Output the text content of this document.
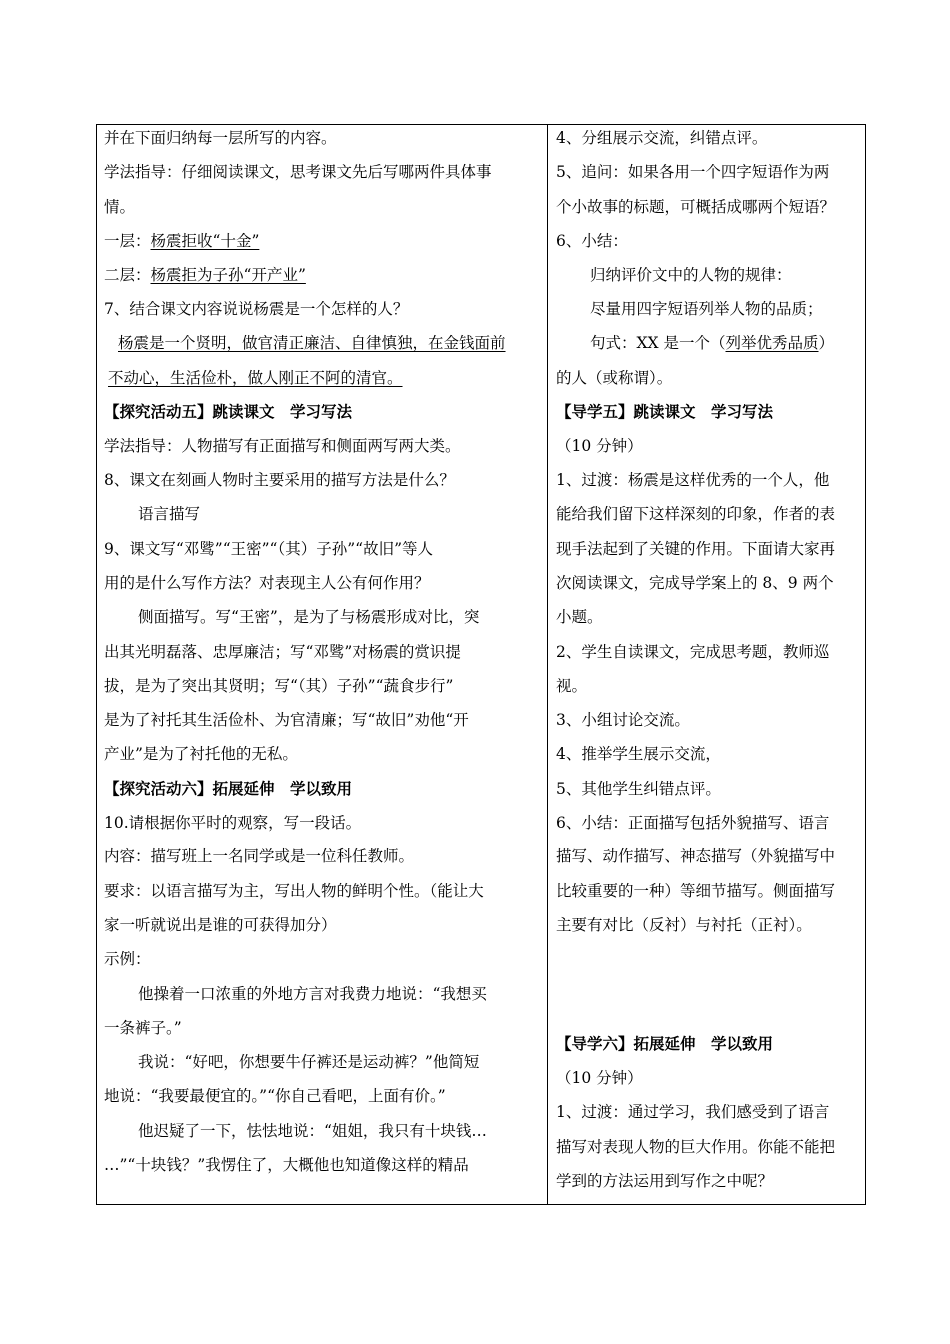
并在下面归纳每一层所写的内容。
学法指导：仔细阅读课文，思考课文先后写哪两件具体事
情。
一层：杨震拒收“十金”
二层：杨震拒为子孙“开产业”
7、结合课文内容说说杨震是一个怎样的人？
杨震是一个贤明，做官清正廉洁、自律慎独，在金钱面前
不动心，生活俭朴，做人刚正不阿的清官。
【探究活动五】跳读课文　学习写法
学法指导：人物描写有正面描写和侧面两写两大类。
8、课文在刻画人物时主要采用的描写方法是什么？
语言描写
9、课文写“邓骘”“王密”“（其）子孙”“故旧”等人
用的是什么写作方法？对表现主人公有何作用？
侧面描写。写“王密”，是为了与杨震形成对比，突
出其光明磊落、忠厚廉洁；写“邓骘”对杨震的赏识提
拔，是为了突出其贤明；写“（其）子孙”“蔬食步行”
是为了衬托其生活俭朴、为官清廉；写“故旧”劝他“开
产业”是为了衬托他的无私。
【探究活动六】拓展延伸　学以致用
10.请根据你平时的观察，写一段话。
内容：描写班上一名同学或是一位科任教师。
要求：以语言描写为主，写出人物的鲜明个性。（能让大
家一听就说出是谁的可获得加分）
示例：
他操着一口浓重的外地方言对我费力地说：“我想买
一条裤子。”
我说：“好吧，你想要牛仔裤还是运动裤？”他简短
地说：“我要最便宜的。”“你自己看吧，上面有价。”
他迟疑了一下，怯怯地说：“姐姐，我只有十块钱…
…”“十块钱？”我愣住了，大概他也知道像这样的精品
4、分组展示交流，纠错点评。
5、追问：如果各用一个四字短语作为两
个小故事的标题，可概括成哪两个短语？
6、小结：
归纳评价文中的人物的规律：
尽量用四字短语列举人物的品质；
句式：XX 是一个（列举优秀品质）
的人（或称谓）。
【导学五】跳读课文　学习写法
（10 分钟）
1、过渡：杨震是这样优秀的一个人，他
能给我们留下这样深刻的印象，作者的表
现手法起到了关键的作用。下面请大家再
次阅读课文，完成导学案上的 8、9 两个
小题。
2、学生自读课文，完成思考题，教师巡
视。
3、小组讨论交流。
4、推举学生展示交流，
5、其他学生纠错点评。
6、小结：正面描写包括外貌描写、语言
描写、动作描写、神态描写（外貌描写中
比较重要的一种）等细节描写。侧面描写
主要有对比（反衬）与衬托（正衬）。
【导学六】拓展延伸　学以致用
（10 分钟）
1、过渡：通过学习，我们感受到了语言
描写对表现人物的巨大作用。你能不能把
学到的方法运用到写作之中呢？
